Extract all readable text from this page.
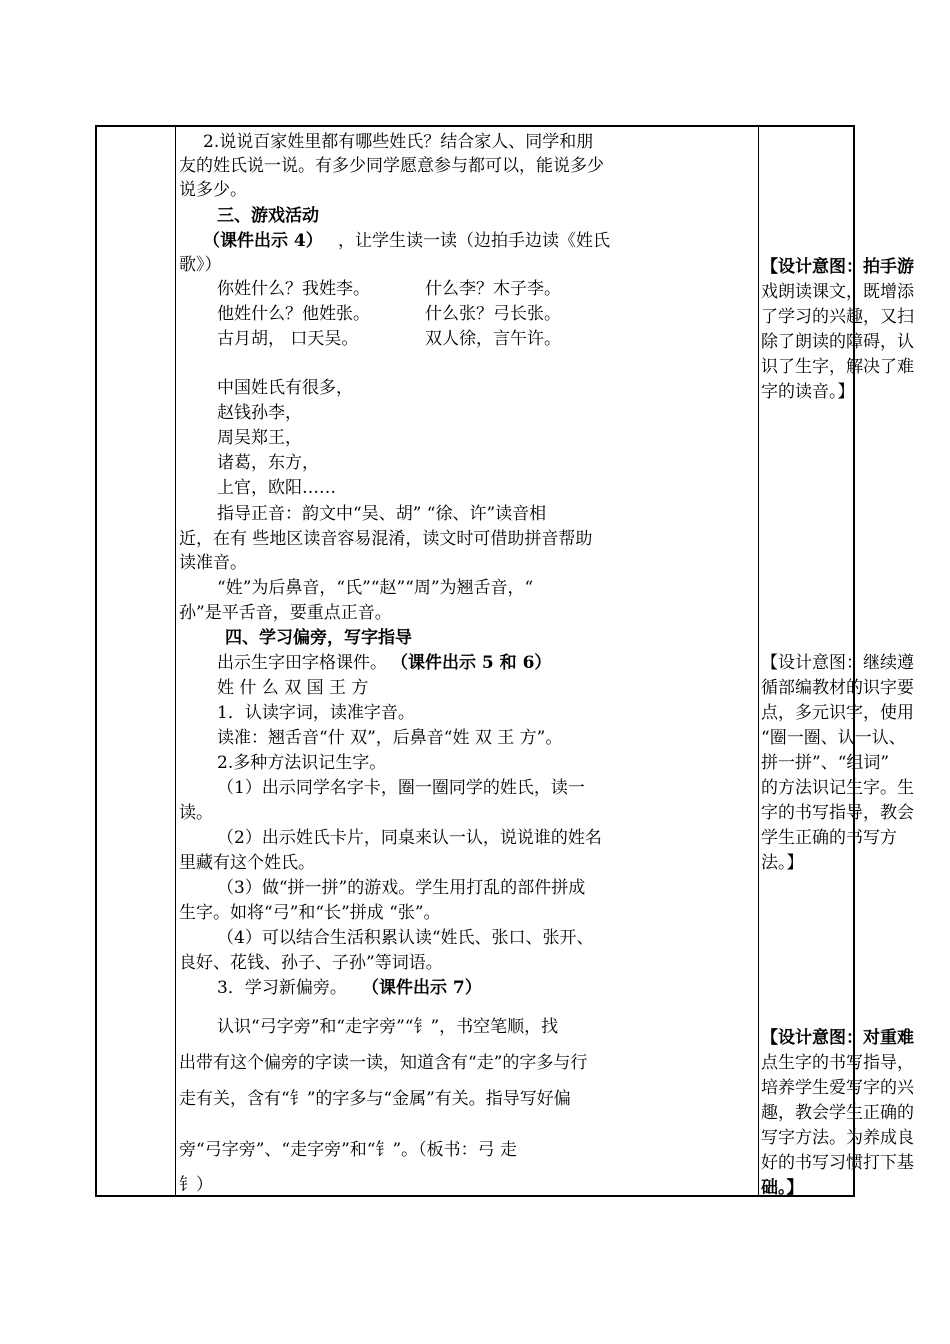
2.说说百家姓里都有哪些姓氏？结合家人、同学和朋
友的姓氏说一说。有多少同学愿意参与都可以，能说多少
说多少。
三、游戏活动
（课件出示 4） ，让学生读一读（边拍手边读《姓氏
歌》）
你姓什么？我姓李。	什么李？木子李。
他姓什么？他姓张。	什么张？弓长张。
古月胡， 口天吴。	双人徐，言午许。
中国姓氏有很多，
赵钱孙李，
周吴郑王，
诸葛，东方，
上官，欧阳……
指导正音：韵文中“吴、胡” “徐、许”读音相
近，在有 些地区读音容易混淆，读文时可借助拼音帮助
读准音。
“姓”为后鼻音，“氏”“赵”“周”为翘舌音，“
孙”是平舌音，要重点正音。
四、学习偏旁，写字指导
出示生字田字格课件。 （课件出示 5 和 6）
姓 什 么 双 国 王 方
1．认读字词，读准字音。
读准：翘舌音“什 双”，后鼻音“姓 双 王 方”。
2.多种方法识记生字。
（1）出示同学名字卡，圈一圈同学的姓氏，读一
读。
（2）出示姓氏卡片，同桌来认一认，说说谁的姓名
里藏有这个姓氏。
（3）做“拼一拼”的游戏。学生用打乱的部件拼成
生字。如将“弓”和“长”拼成 “张”。
（4）可以结合生活积累认读“姓氏、张口、张开、
良好、花钱、孙子、子孙”等词语。
3．学习新偏旁。 （课件出示 7）
认识“弓字旁”和“走字旁”“钅”，书空笔顺，找
出带有这个偏旁的字读一读，知道含有“走”的字多与行
走有关，含有“钅”的字多与“金属”有关。指导写好偏
旁“弓字旁”、“走字旁”和“钅”。（板书：弓 走
钅）

【设计意图：拍手游

戏朗读课文，既增添

了学习的兴趣，又扫

除了朗读的障碍，认

识了生字，解决了难

字的读音。】

【设计意图：继续遵

循部编教材的识字要

点，多元识字，使用

“圈一圈、认一认、

拼一拼”、“组词”

的方法识记生字。生

字的书写指导，教会

学生正确的书写方

法。】

【设计意图：对重难

点生字的书写指导，

培养学生爱写字的兴

趣，教会学生正确的

写字方法。为养成良

好的书写习惯打下基

础。】
